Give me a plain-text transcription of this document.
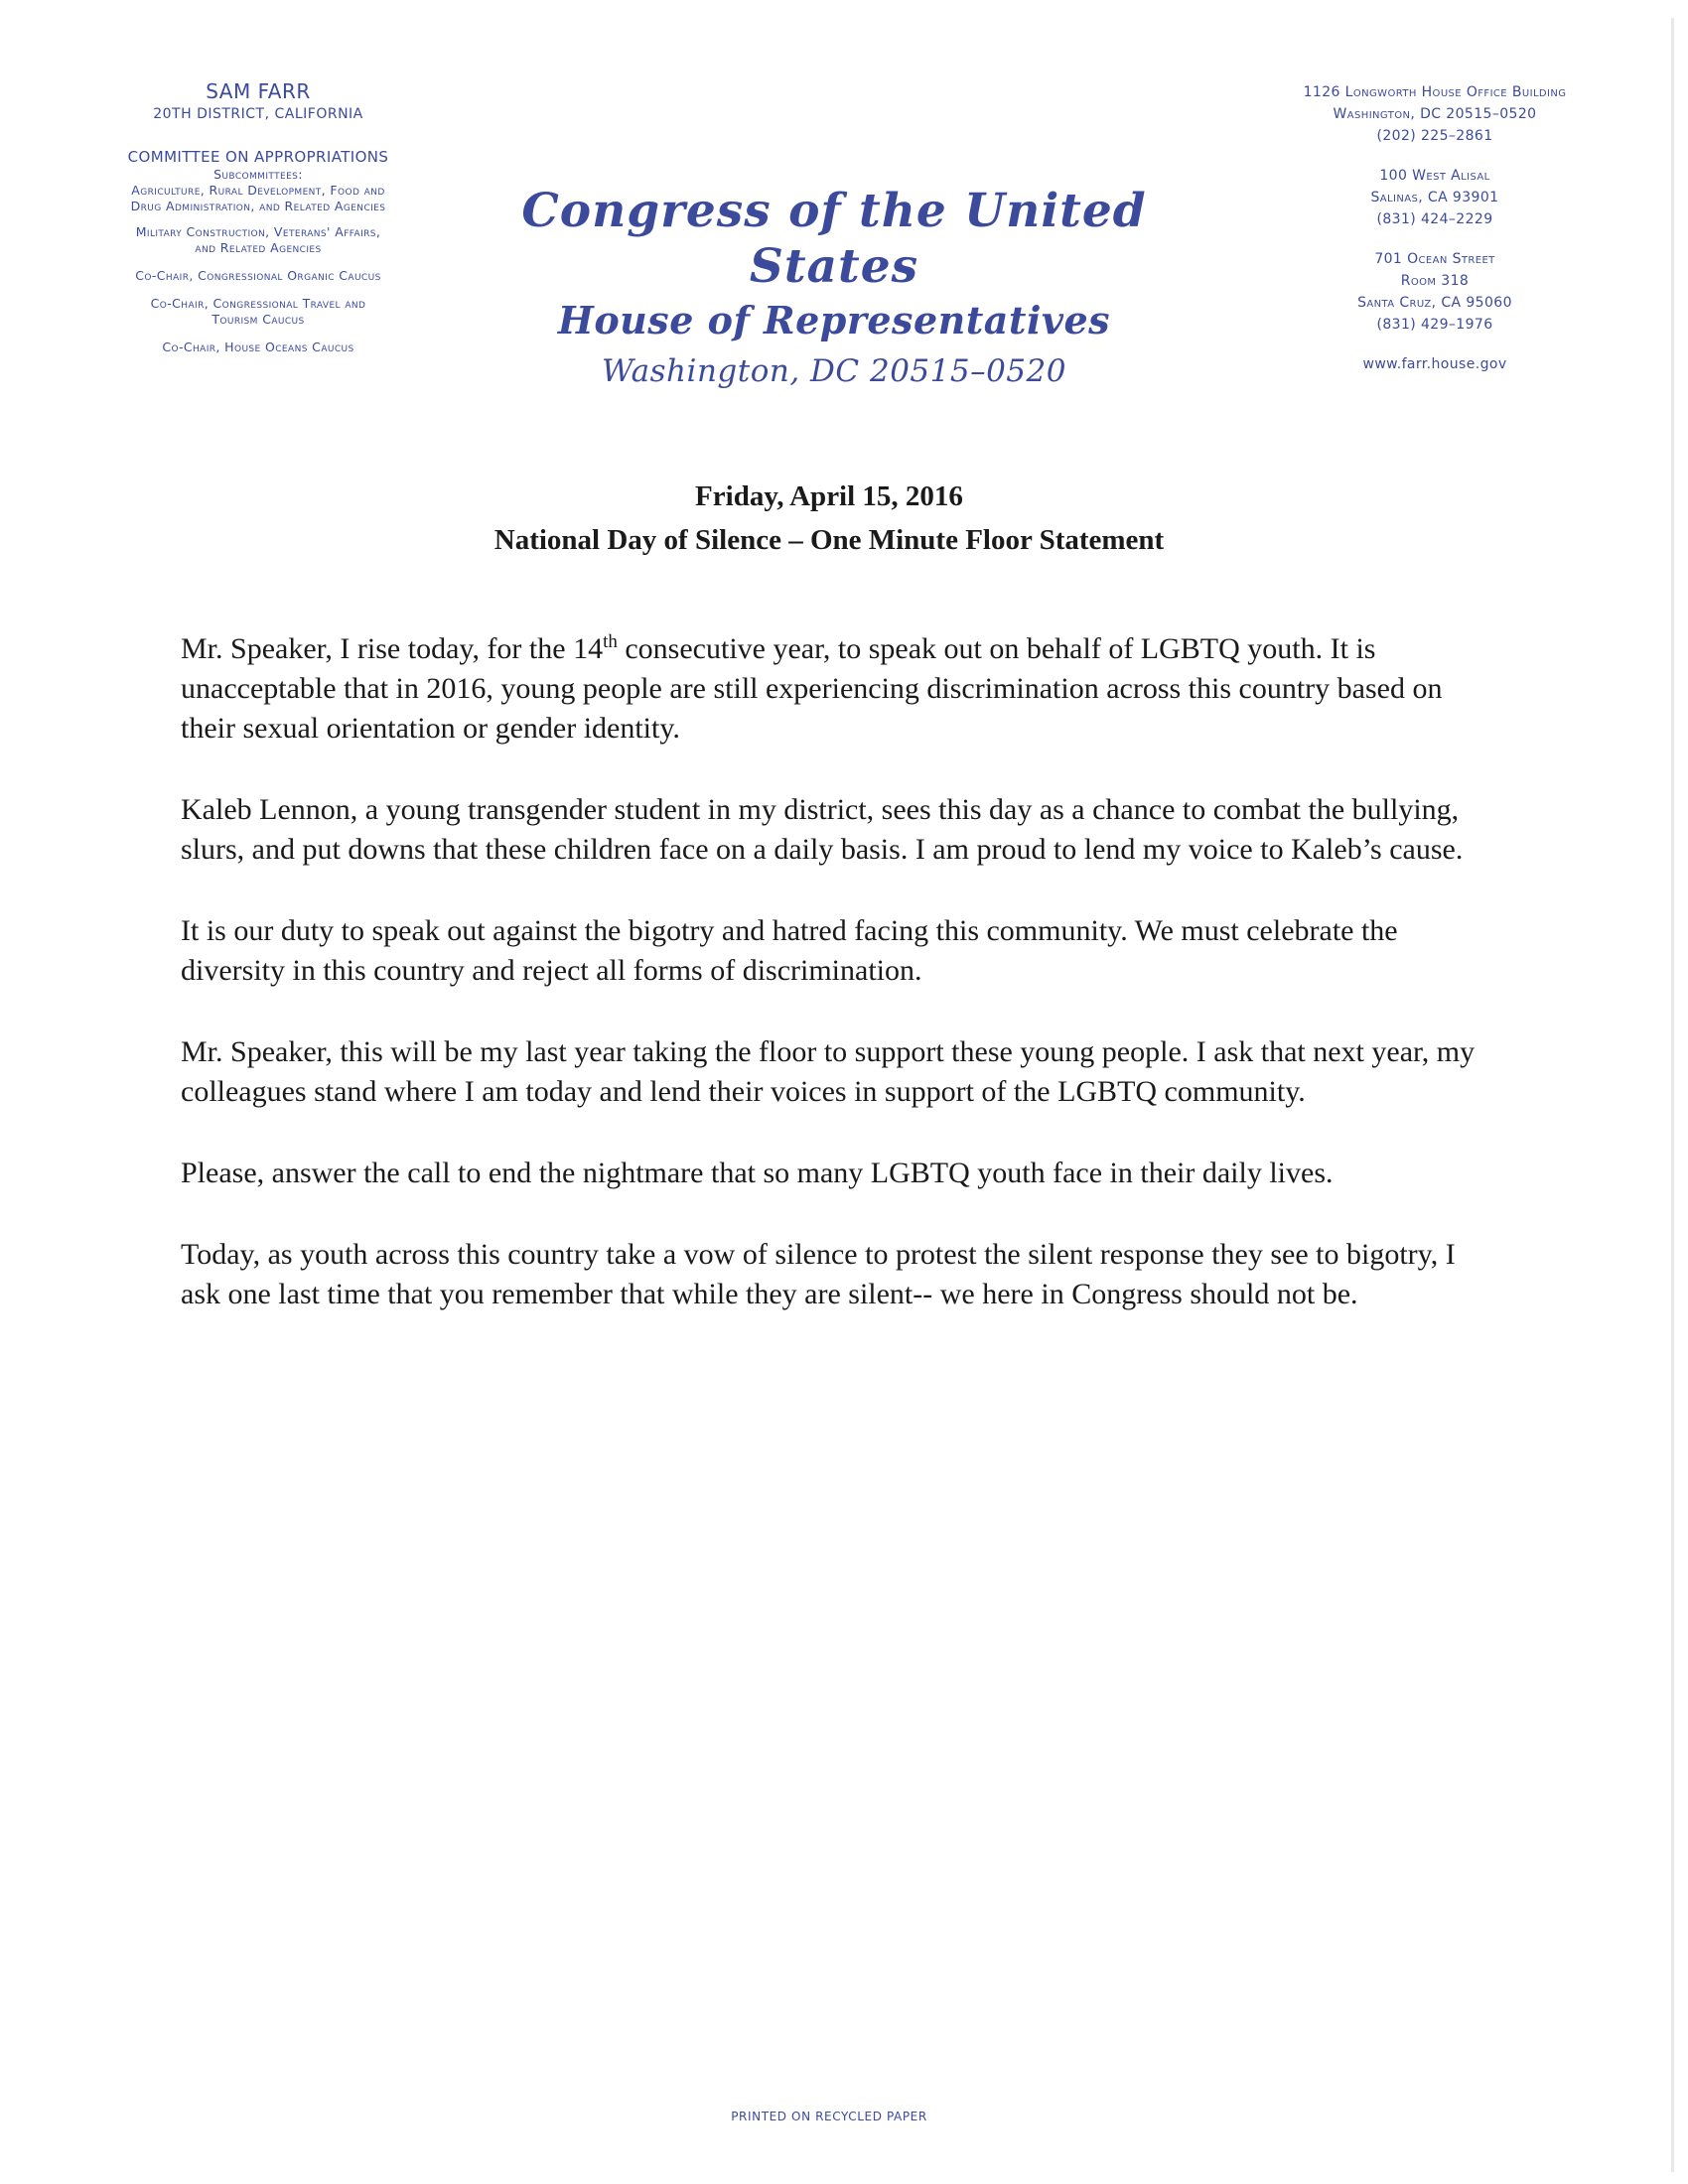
SAM FARR
20TH DISTRICT, CALIFORNIA
COMMITTEE ON APPROPRIATIONS
Subcommittees:
Agriculture, Rural Development, Food and
Drug Administration, and Related Agencies
Military Construction, Veterans' Affairs,
and Related Agencies
Co-Chair, Congressional Organic Caucus
Co-Chair, Congressional Travel and
Tourism Caucus
Co-Chair, House Oceans Caucus
Congress of the United States
House of Representatives
Washington, DC 20515–0520
1126 Longworth House Office Building
Washington, DC 20515–0520
(202) 225–2861
100 West Alisal
Salinas, CA 93901
(831) 424–2229
701 Ocean Street
Room 318
Santa Cruz, CA 95060
(831) 429–1976
www.farr.house.gov
Friday, April 15, 2016
National Day of Silence – One Minute Floor Statement

Mr. Speaker, I rise today, for the 14th consecutive year, to speak out on behalf of LGBTQ youth. It is unacceptable that in 2016, young people are still experiencing discrimination across this country based on their sexual orientation or gender identity.

Kaleb Lennon, a young transgender student in my district, sees this day as a chance to combat the bullying, slurs, and put downs that these children face on a daily basis. I am proud to lend my voice to Kaleb’s cause.

It is our duty to speak out against the bigotry and hatred facing this community. We must celebrate the diversity in this country and reject all forms of discrimination.

Mr. Speaker, this will be my last year taking the floor to support these young people. I ask that next year, my colleagues stand where I am today and lend their voices in support of the LGBTQ community.

Please, answer the call to end the nightmare that so many LGBTQ youth face in their daily lives.

Today, as youth across this country take a vow of silence to protest the silent response they see to bigotry, I ask one last time that you remember that while they are silent-- we here in Congress should not be.

PRINTED ON RECYCLED PAPER
